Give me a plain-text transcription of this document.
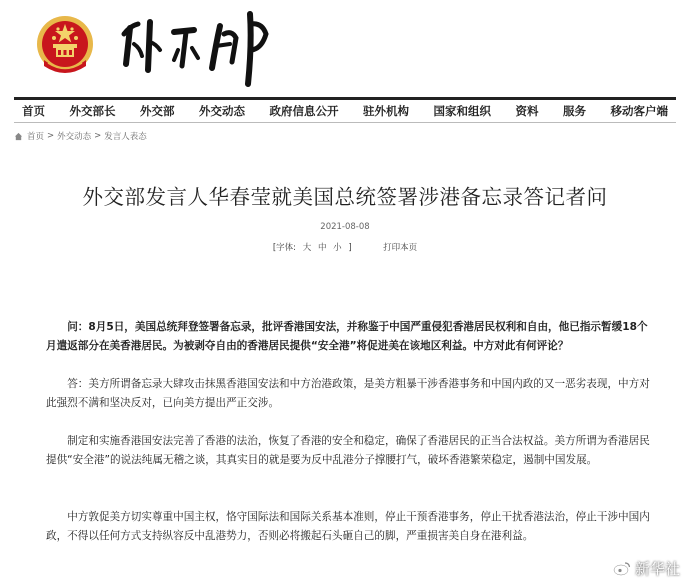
首页 外交部长 外交部 外交动态 政府信息公开 驻外机构 国家和组织 资料 服务 移动客户端
首页 > 外交动态 > 发言人表态
外交部发言人华春莹就美国总统签署涉港备忘录答记者问
2021-08-08
[字体: 大 中 小 ]	打印本页

问：8月5日，美国总统拜登签署备忘录，批评香港国安法，并称鉴于中国严重侵犯香港居民权利和自由，他已指示暂缓18个月遣返部分在美香港居民。为被剥夺自由的香港居民提供“安全港”将促进美在该地区利益。中方对此有何评论？

答：美方所谓备忘录大肆攻击抹黑香港国安法和中方治港政策，是美方粗暴干涉香港事务和中国内政的又一恶劣表现，中方对此强烈不满和坚决反对，已向美方提出严正交涉。

制定和实施香港国安法完善了香港的法治，恢复了香港的安全和稳定，确保了香港居民的正当合法权益。美方所谓为香港居民提供“安全港”的说法纯属无稽之谈，其真实目的就是要为反中乱港分子撑腰打气，破坏香港繁荣稳定，遏制中国发展。

中方敦促美方切实尊重中国主权，恪守国际法和国际关系基本准则，停止干预香港事务，停止干扰香港法治，停止干涉中国内政，不得以任何方式支持纵容反中乱港势力，否则必将搬起石头砸自己的脚，严重损害美自身在港利益。

新华社
